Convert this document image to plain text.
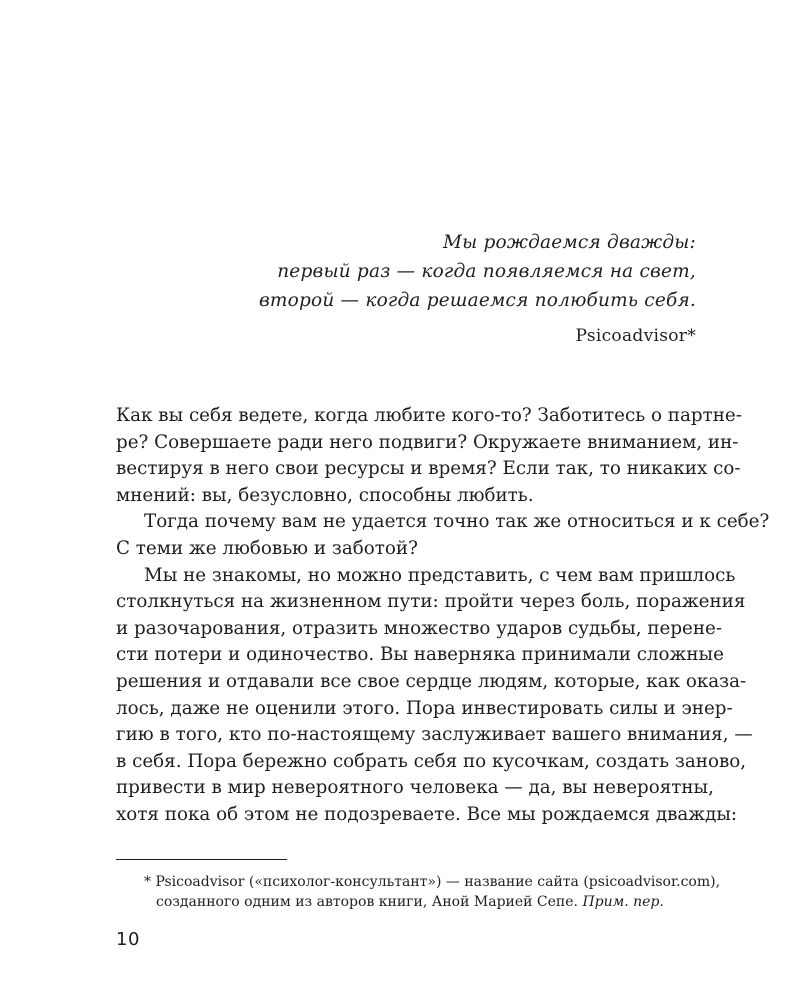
Мы рождаемся дважды:
первый раз — когда появляемся на свет,
второй — когда решаемся полюбить себя.
Psicoadvisor*
Как вы себя ведете, когда любите кого-то? Заботитесь о партне-
ре? Совершаете ради него подвиги? Окружаете вниманием, ин-
вестируя в него свои ресурсы и время? Если так, то никаких со-
мнений: вы, безусловно, способны любить.
Тогда почему вам не удается точно так же относиться и к себе?
С теми же любовью и заботой?
Мы не знакомы, но можно представить, с чем вам пришлось
столкнуться на жизненном пути: пройти через боль, поражения
и разочарования, отразить множество ударов судьбы, перене-
сти потери и одиночество. Вы наверняка принимали сложные
решения и отдавали все свое сердце людям, которые, как оказа-
лось, даже не оценили этого. Пора инвестировать силы и энер-
гию в того, кто по-настоящему заслуживает вашего внимания, —
в себя. Пора бережно собрать себя по кусочкам, создать заново,
привести в мир невероятного человека — да, вы невероятны,
хотя пока об этом не подозреваете. Все мы рождаемся дважды:
* Psicoadvisor («психолог-консультант») — название сайта (psicoadvisor.com),
созданного одним из авторов книги, Аной Марией Сепе. Прим. пер.
10
